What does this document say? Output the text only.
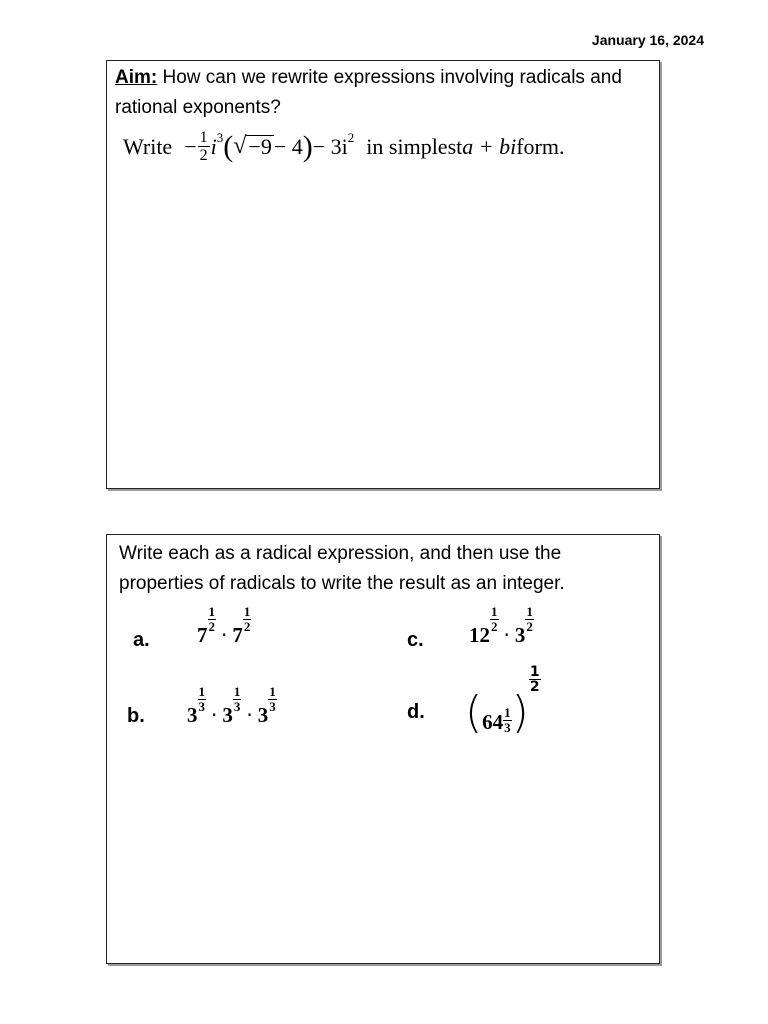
January 16, 2024
Aim: How can we rewrite expressions involving radicals and rational exponents?
Write − $\frac{1}{2} i^3$ ( √ −9 − 4 ) − $3i^2$ in simplest a + bi form.
Write each as a radical expression, and then use the properties of radicals to write the result as an integer.
a. 7
1
2 · 7
1
2
c. 12
1
2 · 3
1
2
b. 3
1
3 · 3
1
3 · 3
1
3	d. ( 64 1
3 )
1
2
